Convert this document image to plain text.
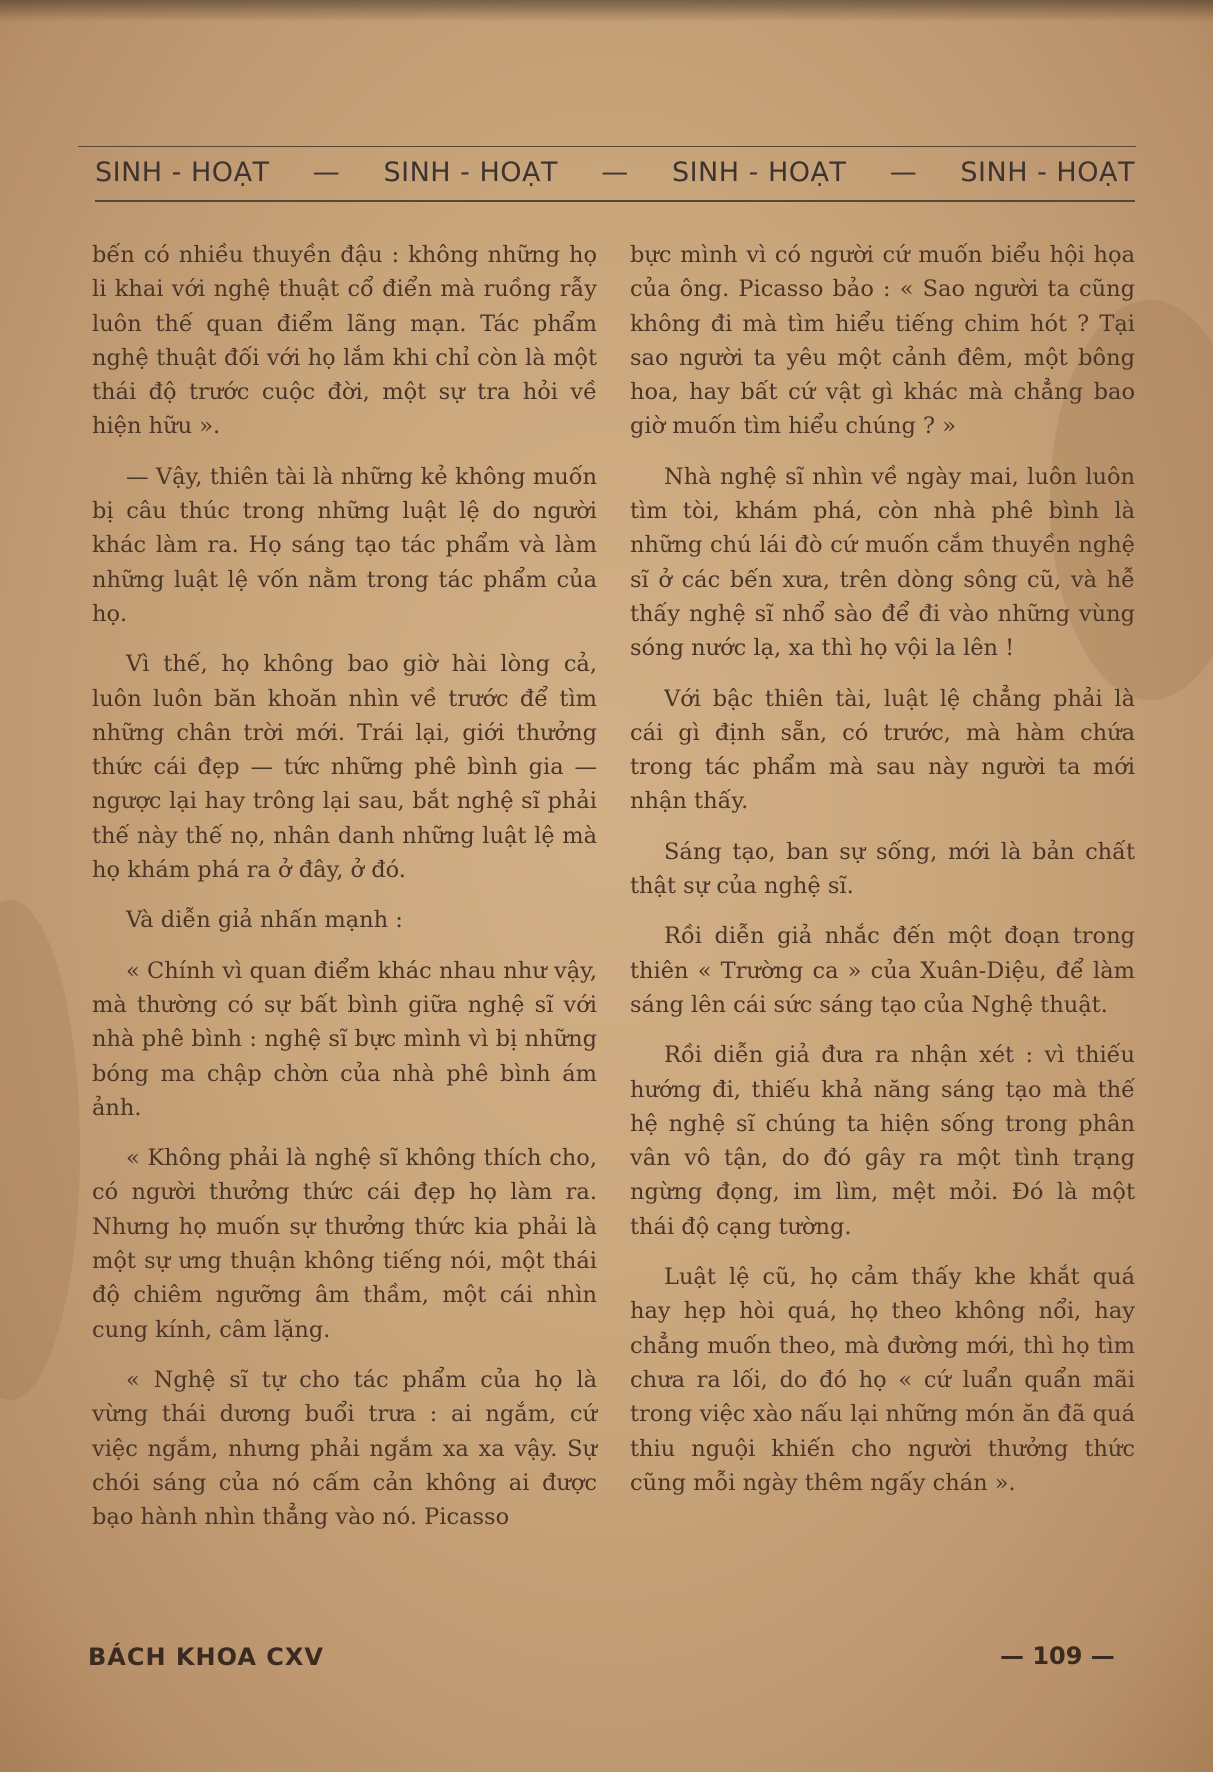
SINH - HOẠT — SINH - HOẠT — SINH - HOẠT — SINH - HOẠT

bến có nhiều thuyền đậu : không những họ li khai với nghệ thuật cổ điển mà ruồng rẫy luôn thế quan điểm lãng mạn. Tác phẩm nghệ thuật đối với họ lắm khi chỉ còn là một thái độ trước cuộc đời, một sự tra hỏi về hiện hữu ».

— Vậy, thiên tài là những kẻ không muốn bị câu thúc trong những luật lệ do người khác làm ra. Họ sáng tạo tác phẩm và làm những luật lệ vốn nằm trong tác phẩm của họ.

Vì thế, họ không bao giờ hài lòng cả, luôn luôn băn khoăn nhìn về trước để tìm những chân trời mới. Trái lại, giới thưởng thức cái đẹp — tức những phê bình gia — ngược lại hay trông lại sau, bắt nghệ sĩ phải thế này thế nọ, nhân danh những luật lệ mà họ khám phá ra ở đây, ở đó.

Và diễn giả nhấn mạnh :

« Chính vì quan điểm khác nhau như vậy, mà thường có sự bất bình giữa nghệ sĩ với nhà phê bình : nghệ sĩ bực mình vì bị những bóng ma chập chờn của nhà phê bình ám ảnh.

« Không phải là nghệ sĩ không thích cho, có người thưởng thức cái đẹp họ làm ra. Nhưng họ muốn sự thưởng thức kia phải là một sự ưng thuận không tiếng nói, một thái độ chiêm ngưỡng âm thầm, một cái nhìn cung kính, câm lặng.

« Nghệ sĩ tự cho tác phẩm của họ là vừng thái dương buổi trưa : ai ngắm, cứ việc ngắm, nhưng phải ngắm xa xa vậy. Sự chói sáng của nó cấm cản không ai được bạo hành nhìn thẳng vào nó. Picasso

bực mình vì có người cứ muốn biểu hội họa của ông. Picasso bảo : « Sao người ta cũng không đi mà tìm hiểu tiếng chim hót ? Tại sao người ta yêu một cảnh đêm, một bông hoa, hay bất cứ vật gì khác mà chẳng bao giờ muốn tìm hiểu chúng ? »

Nhà nghệ sĩ nhìn về ngày mai, luôn luôn tìm tòi, khám phá, còn nhà phê bình là những chú lái đò cứ muốn cắm thuyền nghệ sĩ ở các bến xưa, trên dòng sông cũ, và hễ thấy nghệ sĩ nhổ sào để đi vào những vùng sóng nước lạ, xa thì họ vội la lên !

Với bậc thiên tài, luật lệ chẳng phải là cái gì định sẵn, có trước, mà hàm chứa trong tác phẩm mà sau này người ta mới nhận thấy.

Sáng tạo, ban sự sống, mới là bản chất thật sự của nghệ sĩ.

Rồi diễn giả nhắc đến một đoạn trong thiên « Trường ca » của Xuân-Diệu, để làm sáng lên cái sức sáng tạo của Nghệ thuật.

Rồi diễn giả đưa ra nhận xét : vì thiếu hướng đi, thiếu khả năng sáng tạo mà thế hệ nghệ sĩ chúng ta hiện sống trong phân vân vô tận, do đó gây ra một tình trạng ngừng đọng, im lìm, mệt mỏi. Đó là một thái độ cạng tường.

Luật lệ cũ, họ cảm thấy khe khắt quá hay hẹp hòi quá, họ theo không nổi, hay chẳng muốn theo, mà đường mới, thì họ tìm chưa ra lối, do đó họ « cứ luẩn quẩn mãi trong việc xào nấu lại những món ăn đã quá thiu nguội khiến cho người thưởng thức cũng mỗi ngày thêm ngấy chán ».

BÁCH KHOA CXV	— 109 —
